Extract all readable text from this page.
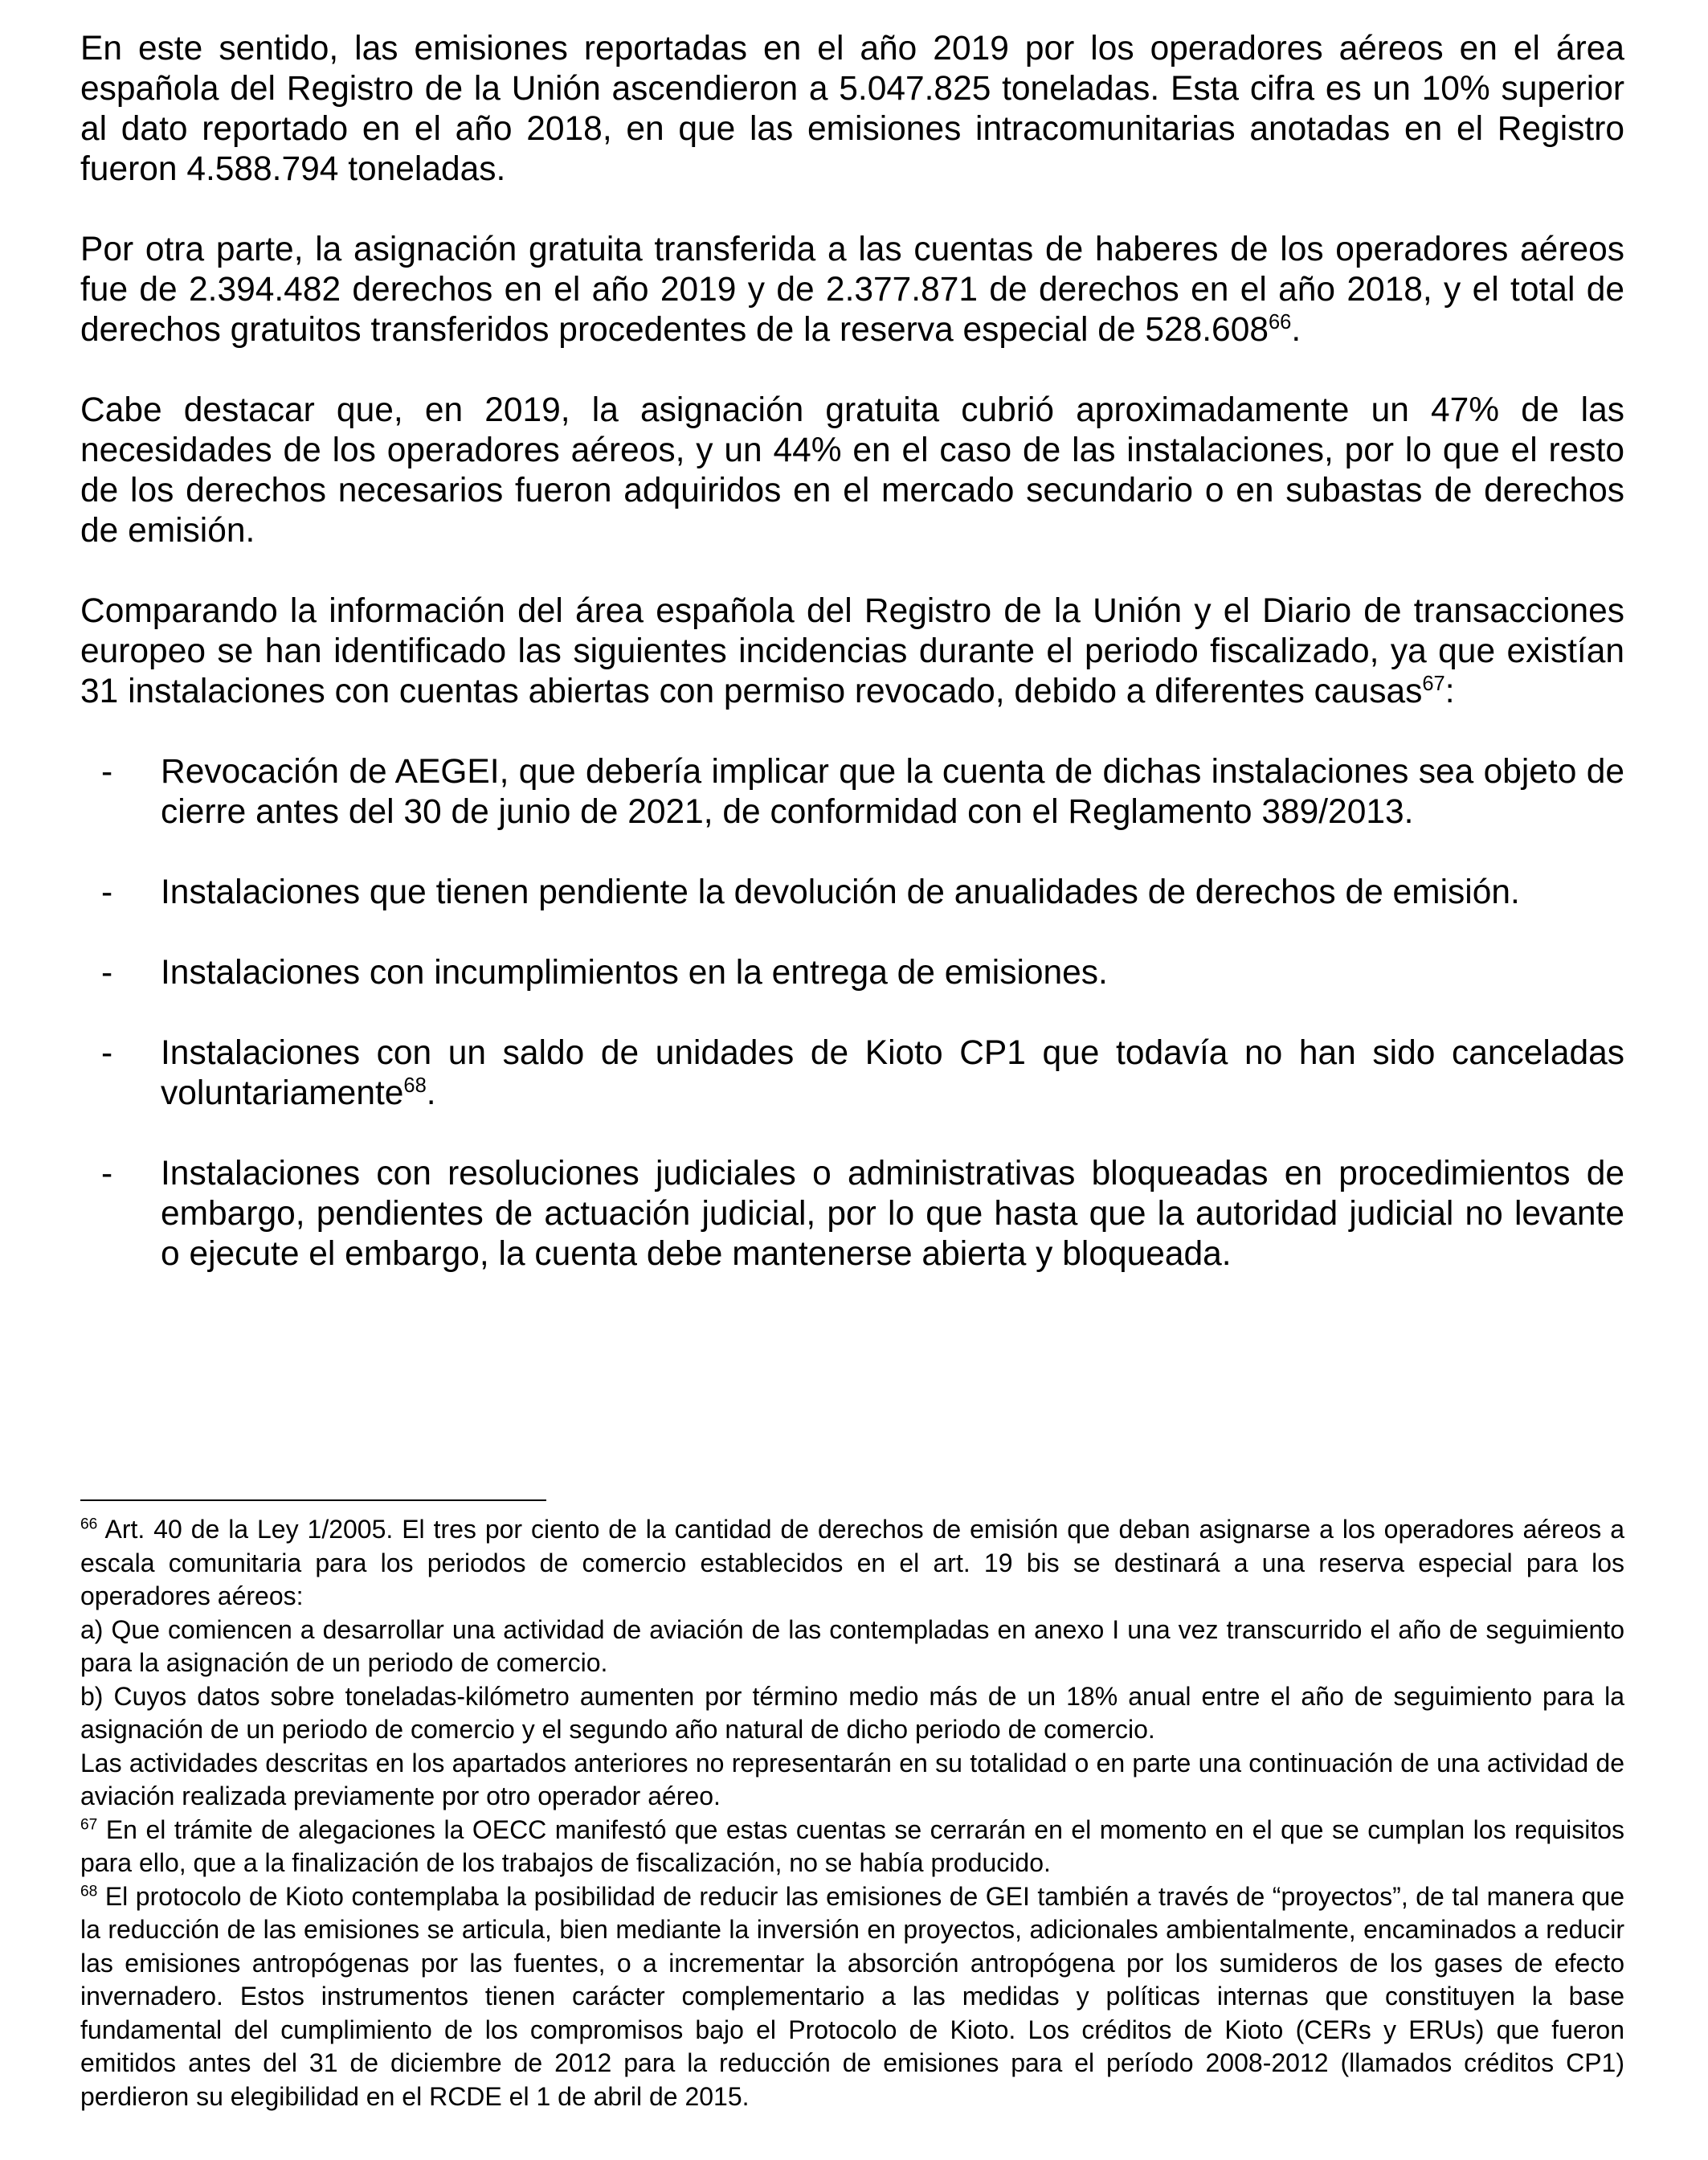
En este sentido, las emisiones reportadas en el año 2019 por los operadores aéreos en el área española del Registro de la Unión ascendieron a 5.047.825 toneladas. Esta cifra es un 10% superior al dato reportado en el año 2018, en que las emisiones intracomunitarias anotadas en el Registro fueron 4.588.794 toneladas.

Por otra parte, la asignación gratuita transferida a las cuentas de haberes de los operadores aéreos fue de 2.394.482 derechos en el año 2019 y de 2.377.871 de derechos en el año 2018, y el total de derechos gratuitos transferidos procedentes de la reserva especial de 528.608$^{66}$.

Cabe destacar que, en 2019, la asignación gratuita cubrió aproximadamente un 47% de las necesidades de los operadores aéreos, y un 44% en el caso de las instalaciones, por lo que el resto de los derechos necesarios fueron adquiridos en el mercado secundario o en subastas de derechos de emisión.

Comparando la información del área española del Registro de la Unión y el Diario de transacciones europeo se han identificado las siguientes incidencias durante el periodo fiscalizado, ya que existían 31 instalaciones con cuentas abiertas con permiso revocado, debido a diferentes causas$^{67}$:

- Revocación de AEGEI, que debería implicar que la cuenta de dichas instalaciones sea objeto de cierre antes del 30 de junio de 2021, de conformidad con el Reglamento 389/2013.
- Instalaciones que tienen pendiente la devolución de anualidades de derechos de emisión.
- Instalaciones con incumplimientos en la entrega de emisiones.
- Instalaciones con un saldo de unidades de Kioto CP1 que todavía no han sido canceladas voluntariamente$^{68}$.
- Instalaciones con resoluciones judiciales o administrativas bloqueadas en procedimientos de embargo, pendientes de actuación judicial, por lo que hasta que la autoridad judicial no levante o ejecute el embargo, la cuenta debe mantenerse abierta y bloqueada.

$^{66}$ Art. 40 de la Ley 1/2005. El tres por ciento de la cantidad de derechos de emisión que deban asignarse a los operadores aéreos a escala comunitaria para los periodos de comercio establecidos en el art. 19 bis se destinará a una reserva especial para los operadores aéreos:

a) Que comiencen a desarrollar una actividad de aviación de las contempladas en anexo I una vez transcurrido el año de seguimiento para la asignación de un periodo de comercio.

b) Cuyos datos sobre toneladas-kilómetro aumenten por término medio más de un 18% anual entre el año de seguimiento para la asignación de un periodo de comercio y el segundo año natural de dicho periodo de comercio.

Las actividades descritas en los apartados anteriores no representarán en su totalidad o en parte una continuación de una actividad de aviación realizada previamente por otro operador aéreo.

$^{67}$ En el trámite de alegaciones la OECC manifestó que estas cuentas se cerrarán en el momento en el que se cumplan los requisitos para ello, que a la finalización de los trabajos de fiscalización, no se había producido.

$^{68}$ El protocolo de Kioto contemplaba la posibilidad de reducir las emisiones de GEI también a través de “proyectos”, de tal manera que la reducción de las emisiones se articula, bien mediante la inversión en proyectos, adicionales ambientalmente, encaminados a reducir las emisiones antropógenas por las fuentes, o a incrementar la absorción antropógena por los sumideros de los gases de efecto invernadero. Estos instrumentos tienen carácter complementario a las medidas y políticas internas que constituyen la base fundamental del cumplimiento de los compromisos bajo el Protocolo de Kioto. Los créditos de Kioto (CERs y ERUs) que fueron emitidos antes del 31 de diciembre de 2012 para la reducción de emisiones para el período 2008-2012 (llamados créditos CP1) perdieron su elegibilidad en el RCDE el 1 de abril de 2015.
